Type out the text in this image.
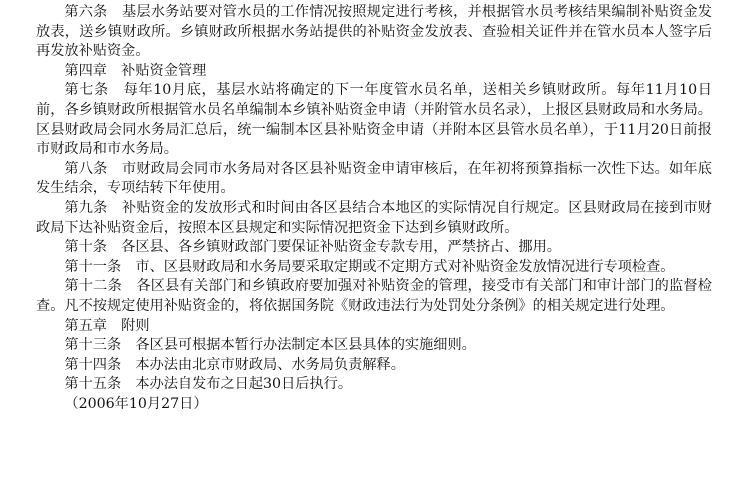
第六条　基层水务站要对管水员的工作情况按照规定进行考核，并根据管水员考核结果编制补贴资金发放表，送乡镇财政所。乡镇财政所根据水务站提供的补贴资金发放表、查验相关证件并在管水员本人签字后再发放补贴资金。

第四章　补贴资金管理

第七条　每年10月底，基层水站将确定的下一年度管水员名单，送相关乡镇财政所。每年11月10日前，各乡镇财政所根据管水员名单编制本乡镇补贴资金申请（并附管水员名录），上报区县财政局和水务局。区县财政局会同水务局汇总后，统一编制本区县补贴资金申请（并附本区县管水员名单），于11月20日前报市财政局和市水务局。

第八条　市财政局会同市水务局对各区县补贴资金申请审核后，在年初将预算指标一次性下达。如年底发生结余，专项结转下年使用。

第九条　补贴资金的发放形式和时间由各区县结合本地区的实际情况自行规定。区县财政局在接到市财政局下达补贴资金后，按照本区县规定和实际情况把资金下达到乡镇财政所。

第十条　各区县、各乡镇财政部门要保证补贴资金专款专用，严禁挤占、挪用。

第十一条　市、区县财政局和水务局要采取定期或不定期方式对补贴资金发放情况进行专项检查。

第十二条　各区县有关部门和乡镇政府要加强对补贴资金的管理，接受市有关部门和审计部门的监督检查。凡不按规定使用补贴资金的，将依据国务院《财政违法行为处罚处分条例》的相关规定进行处理。

第五章　附则

第十三条　各区县可根据本暂行办法制定本区县具体的实施细则。

第十四条　本办法由北京市财政局、水务局负责解释。

第十五条　本办法自发布之日起30日后执行。

（2006年10月27日）
